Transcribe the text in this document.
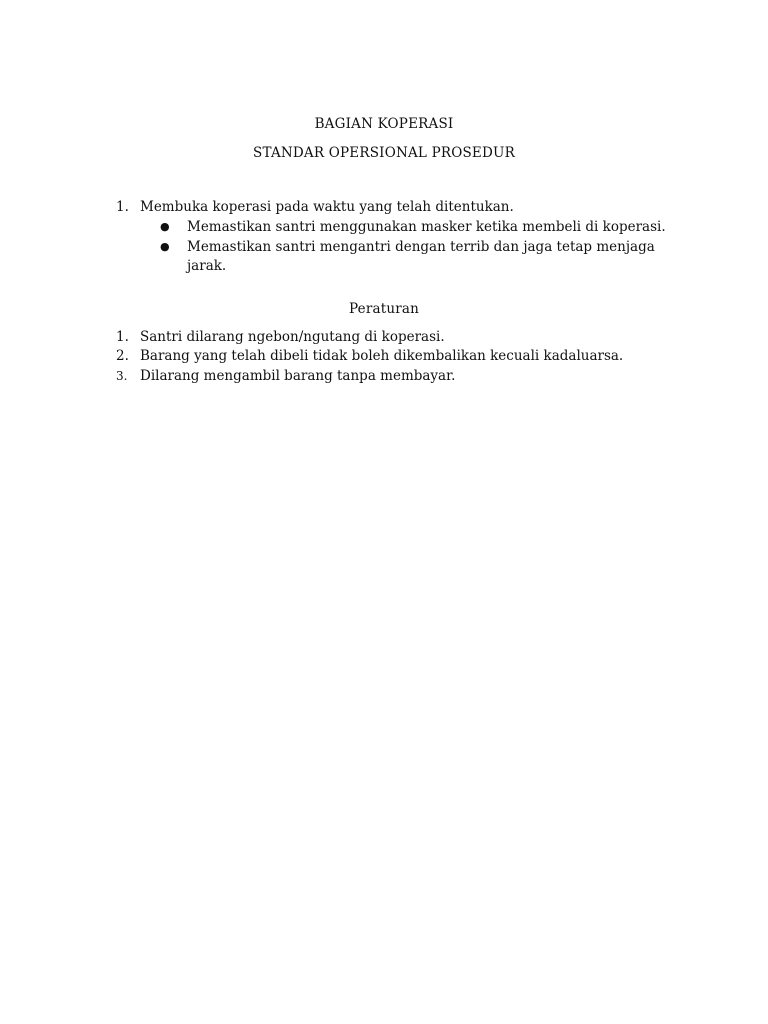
BAGIAN KOPERASI
STANDAR OPERSIONAL PROSEDUR
1. Membuka koperasi pada waktu yang telah ditentukan.
● Memastikan santri menggunakan masker ketika membeli di koperasi.
● Memastikan santri mengantri dengan terrib dan jaga tetap menjaga
jarak.
Peraturan
1. Santri dilarang ngebon/ngutang di koperasi.
2. Barang yang telah dibeli tidak boleh dikembalikan kecuali kadaluarsa.
3. Dilarang mengambil barang tanpa membayar.
